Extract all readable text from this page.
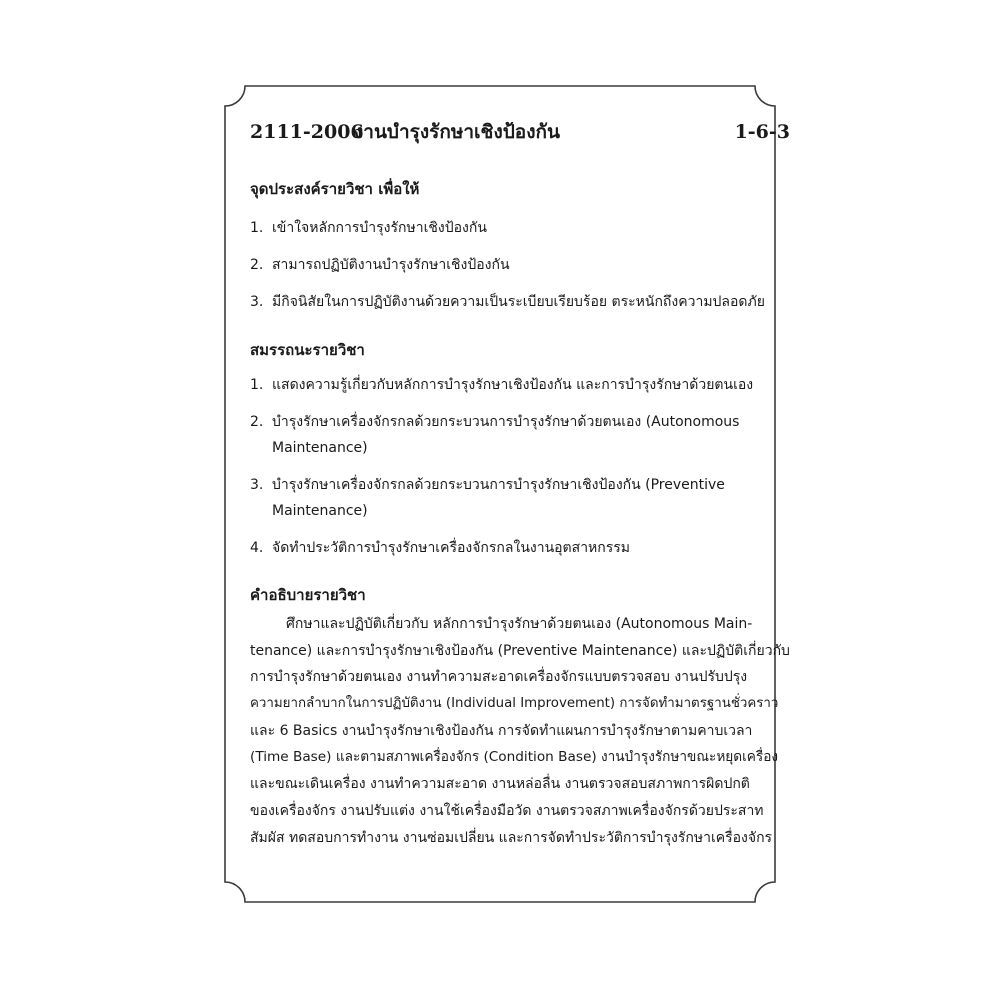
2111-2006
งานบำรุงรักษาเชิงป้องกัน	1-6-3
จุดประสงค์รายวิชา เพื่อให้
1. เข้าใจหลักการบำรุงรักษาเชิงป้องกัน
2. สามารถปฏิบัติงานบำรุงรักษาเชิงป้องกัน
3. มีกิจนิสัยในการปฏิบัติงานด้วยความเป็นระเบียบเรียบร้อย ตระหนักถึงความปลอดภัย
สมรรถนะรายวิชา
1. แสดงความรู้เกี่ยวกับหลักการบำรุงรักษาเชิงป้องกัน และการบำรุงรักษาด้วยตนเอง
2. บำรุงรักษาเครื่องจักรกลด้วยกระบวนการบำรุงรักษาด้วยตนเอง (Autonomous
Maintenance)
3. บำรุงรักษาเครื่องจักรกลด้วยกระบวนการบำรุงรักษาเชิงป้องกัน (Preventive
Maintenance)
4. จัดทำประวัติการบำรุงรักษาเครื่องจักรกลในงานอุตสาหกรรม
คำอธิบายรายวิชา
ศึกษาและปฏิบัติเกี่ยวกับ หลักการบำรุงรักษาด้วยตนเอง (Autonomous Main-
tenance) และการบำรุงรักษาเชิงป้องกัน (Preventive Maintenance) และปฏิบัติเกี่ยวกับ
การบำรุงรักษาด้วยตนเอง งานทำความสะอาดเครื่องจักรแบบตรวจสอบ งานปรับปรุง
ความยากลำบากในการปฏิบัติงาน (Individual Improvement) การจัดทำมาตรฐานชั่วคราว
และ 6 Basics งานบำรุงรักษาเชิงป้องกัน การจัดทำแผนการบำรุงรักษาตามคาบเวลา
(Time Base) และตามสภาพเครื่องจักร (Condition Base) งานบำรุงรักษาขณะหยุดเครื่อง
และขณะเดินเครื่อง งานทำความสะอาด งานหล่อลื่น งานตรวจสอบสภาพการผิดปกติ
ของเครื่องจักร งานปรับแต่ง งานใช้เครื่องมือวัด งานตรวจสภาพเครื่องจักรด้วยประสาท
สัมผัส ทดสอบการทำงาน งานซ่อมเปลี่ยน และการจัดทำประวัติการบำรุงรักษาเครื่องจักร
